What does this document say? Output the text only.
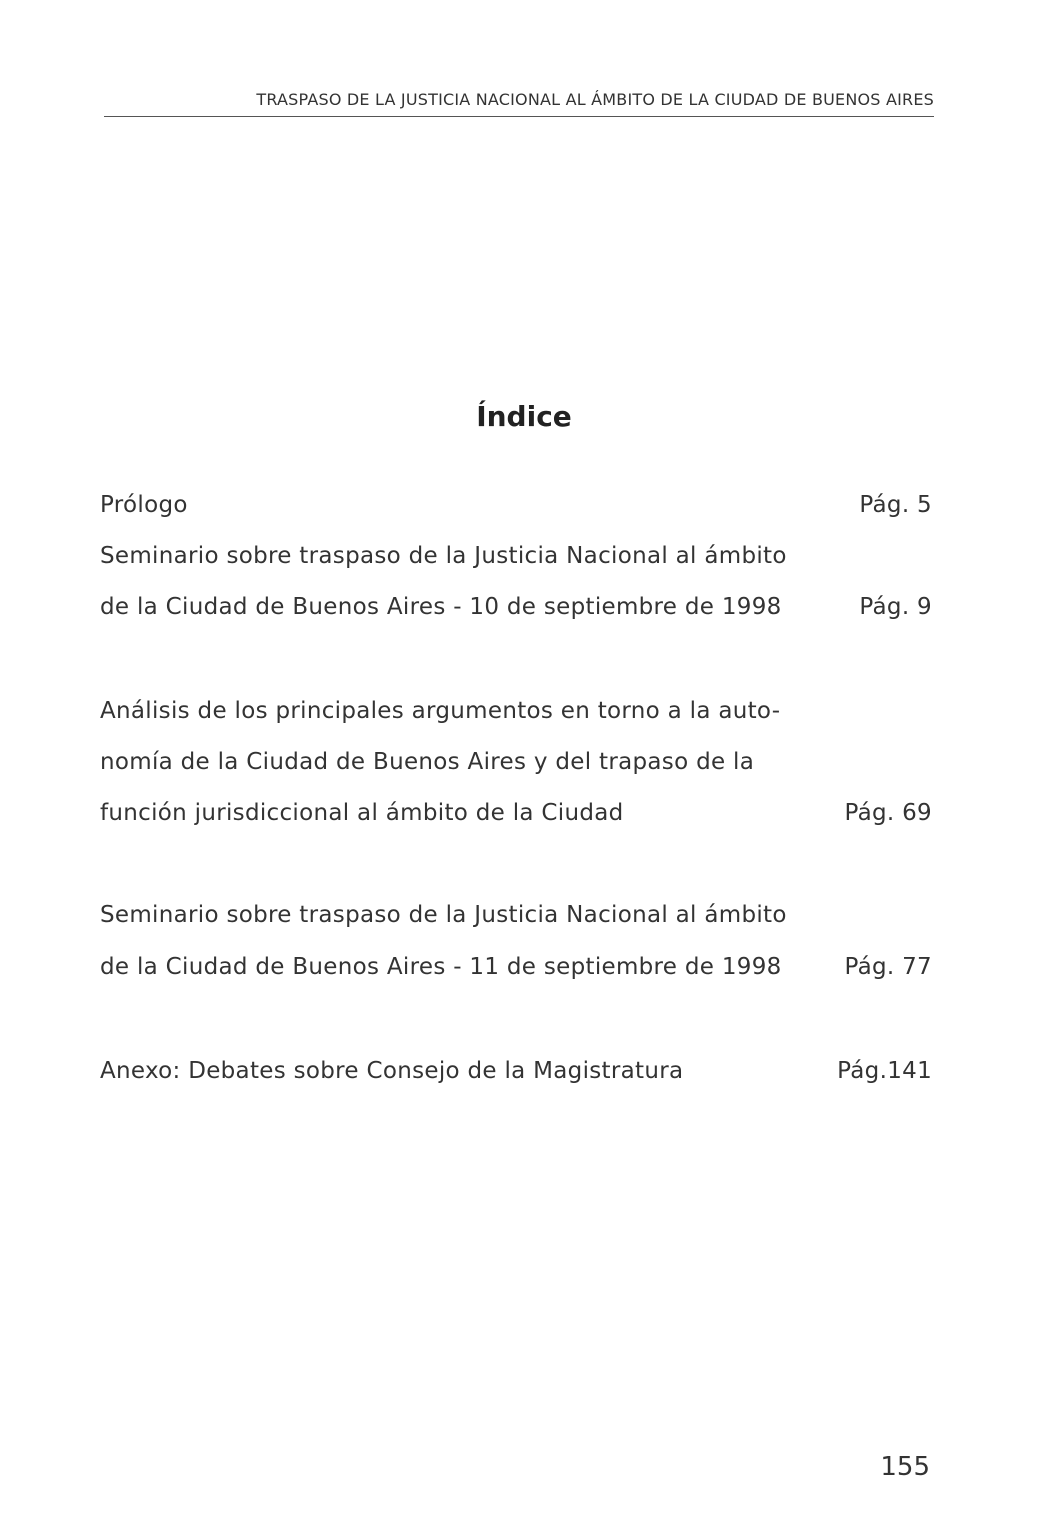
TRASPASO DE LA JUSTICIA NACIONAL AL ÁMBITO DE LA CIUDAD DE BUENOS AIRES
Índice
Prólogo	Pág. 5
Seminario sobre traspaso de la Justicia Nacional al ámbito
de la Ciudad de Buenos Aires - 10 de septiembre de 1998	Pág. 9
Análisis de los principales argumentos en torno a la auto-
nomía de la Ciudad de Buenos Aires y del trapaso de la
función jurisdiccional al ámbito de la Ciudad	Pág. 69
Seminario sobre traspaso de la Justicia Nacional al ámbito
de la Ciudad de Buenos Aires - 11 de septiembre de 1998	Pág. 77
Anexo: Debates sobre Consejo de la Magistratura	Pág.141
155
